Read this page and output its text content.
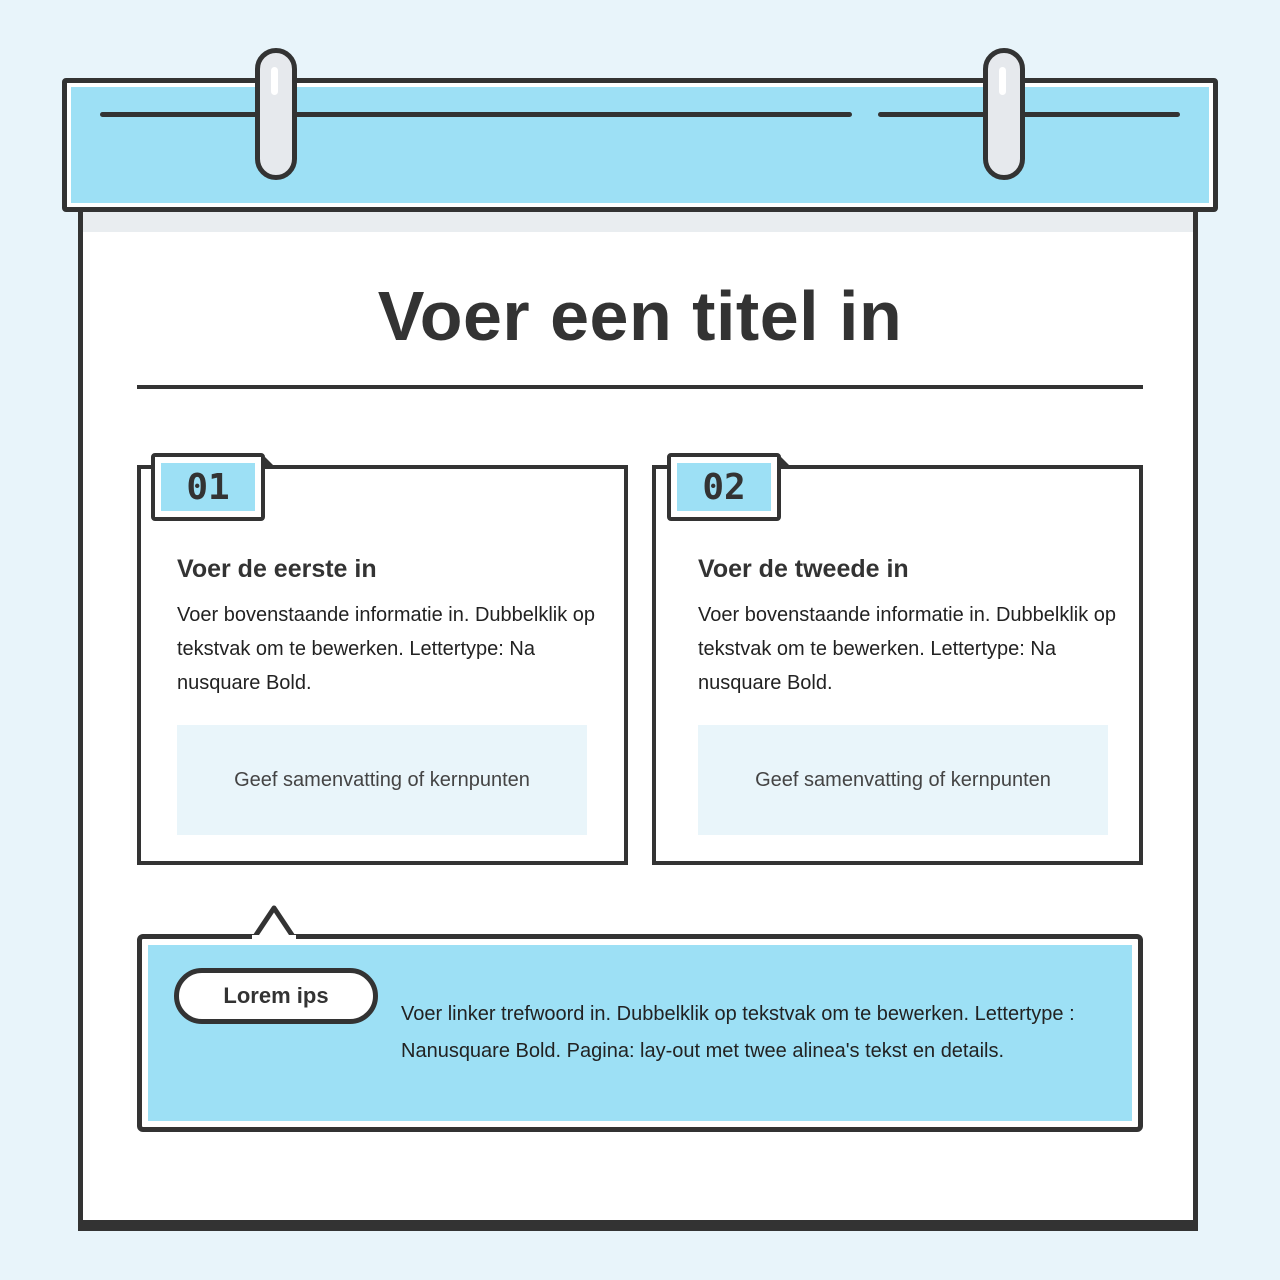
Voer een titel in
01
Voer de eerste in
Voer bovenstaande informatie in. Dubbelklik op tekstvak om te bewerken. Lettertype: Na nusquare Bold.
Geef samenvatting of kernpunten
02
Voer de tweede in
Voer bovenstaande informatie in. Dubbelklik op tekstvak om te bewerken. Lettertype: Na nusquare Bold.
Geef samenvatting of kernpunten
Lorem ips
Voer linker trefwoord in. Dubbelklik op tekstvak om te bewerken. Lettertype : Nanusquare Bold. Pagina: lay-out met twee alinea's tekst en details.
